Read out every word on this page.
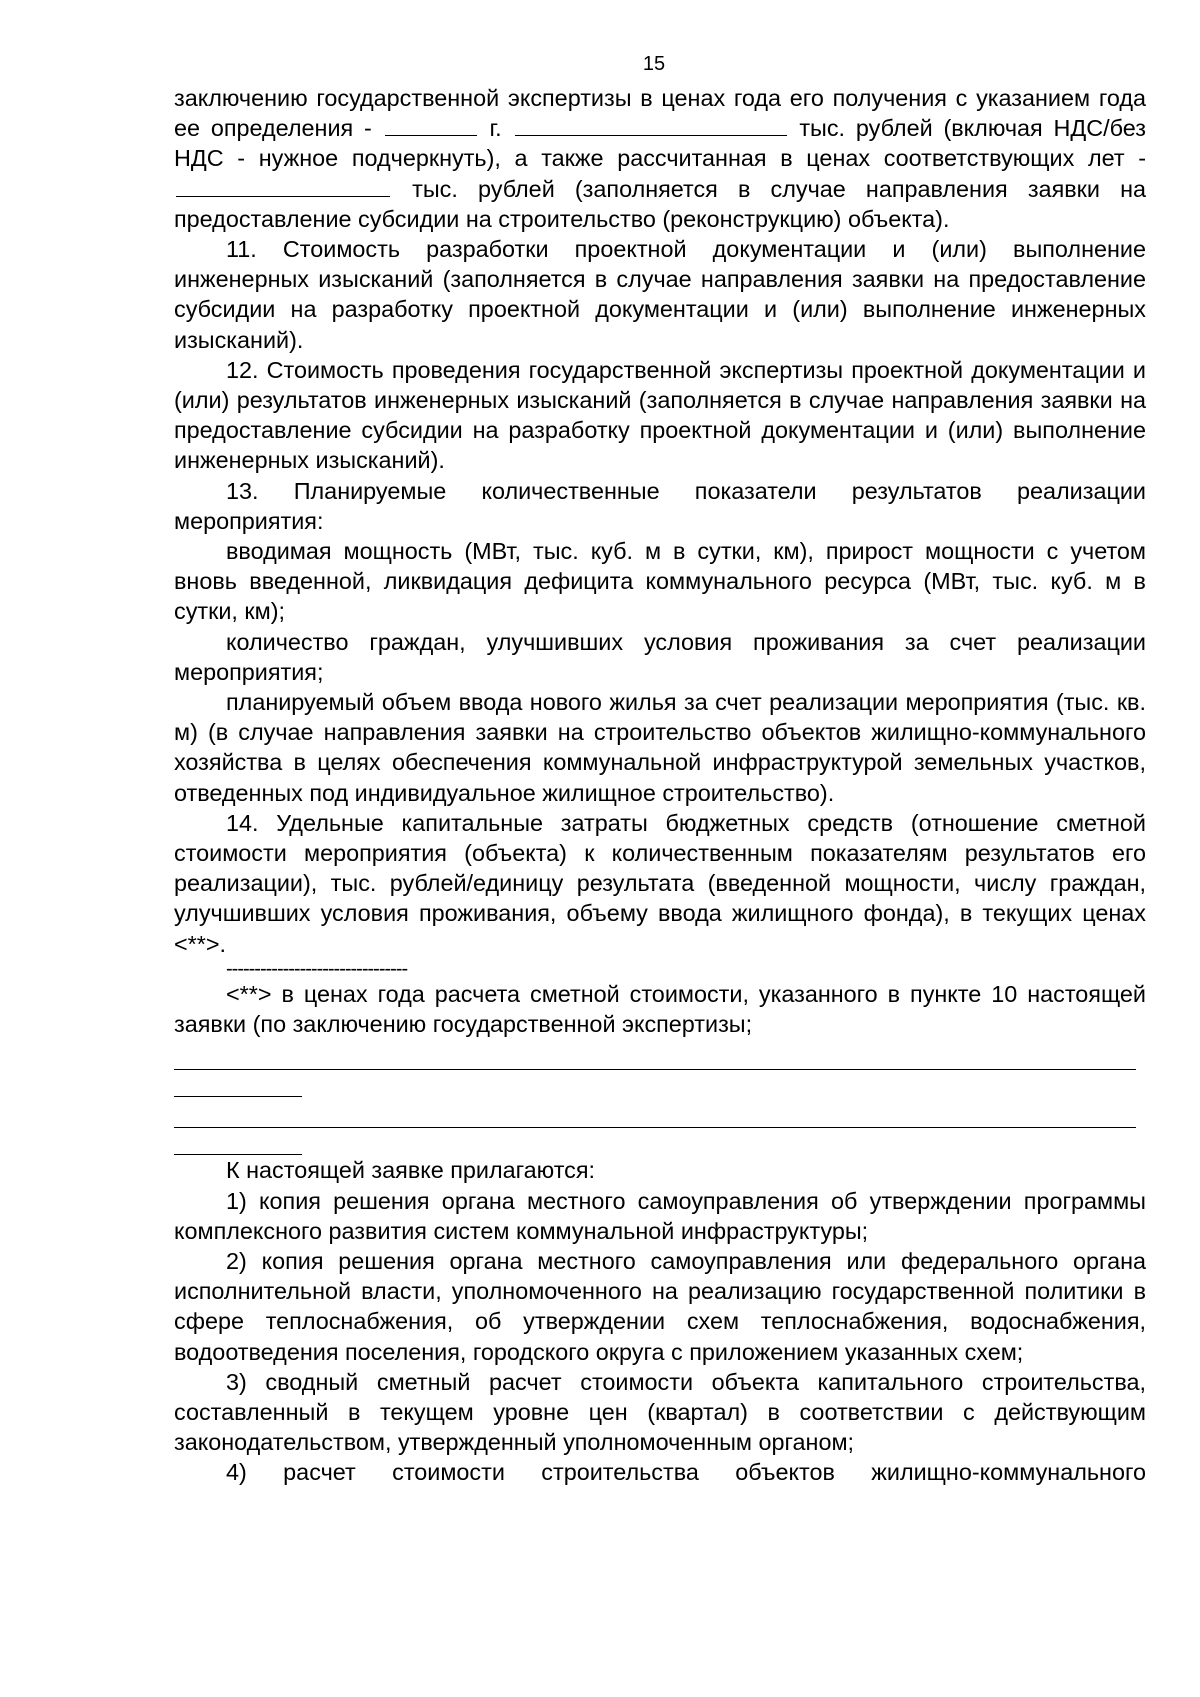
15

заключению государственной экспертизы в ценах года его получения с указанием года ее определения -	г.	тыс. рублей (включая НДС/без НДС - нужное подчеркнуть), а также рассчитанная в ценах соответствующих лет -  тыс. рублей (заполняется в случае направления заявки на предоставление субсидии на строительство (реконструкцию) объекта).

11. Стоимость разработки проектной документации и (или) выполнение инженерных изысканий (заполняется в случае направления заявки на предоставление субсидии на разработку проектной документации и (или) выполнение инженерных изысканий).

12. Стоимость проведения государственной экспертизы проектной документации и (или) результатов инженерных изысканий (заполняется в случае направления заявки на предоставление субсидии на разработку проектной документации и (или) выполнение инженерных изысканий).

13. Планируемые количественные показатели результатов реализации мероприятия:

вводимая мощность (МВт, тыс. куб. м в сутки, км), прирост мощности с учетом вновь введенной, ликвидация дефицита коммунального ресурса (МВт, тыс. куб. м в сутки, км);

количество граждан, улучшивших условия проживания за счет реализации мероприятия;

планируемый объем ввода нового жилья за счет реализации мероприятия (тыс. кв. м) (в случае направления заявки на строительство объектов жилищно-коммунального хозяйства в целях обеспечения коммунальной инфраструктурой земельных участков, отведенных под индивидуальное жилищное строительство).

14. Удельные капитальные затраты бюджетных средств (отношение сметной стоимости мероприятия (объекта) к количественным показателям результатов его реализации), тыс. рублей/единицу результата (введенной мощности, числу граждан, улучшивших условия проживания, объему ввода жилищного фонда), в текущих ценах <**>.

--------------------------------

<**> в ценах года расчета сметной стоимости, указанного в пункте 10 настоящей заявки (по заключению государственной экспертизы;

К настоящей заявке прилагаются:

1) копия решения органа местного самоуправления об утверждении программы комплексного развития систем коммунальной инфраструктуры;

2) копия решения органа местного самоуправления или федерального органа исполнительной власти, уполномоченного на реализацию государственной политики в сфере теплоснабжения, об утверждении схем теплоснабжения, водоснабжения, водоотведения поселения, городского округа с приложением указанных схем;

3) сводный сметный расчет стоимости объекта капитального строительства, составленный в текущем уровне цен (квартал) в соответствии с действующим законодательством, утвержденный уполномоченным органом;

4) расчет стоимости строительства объектов жилищно-коммунального
